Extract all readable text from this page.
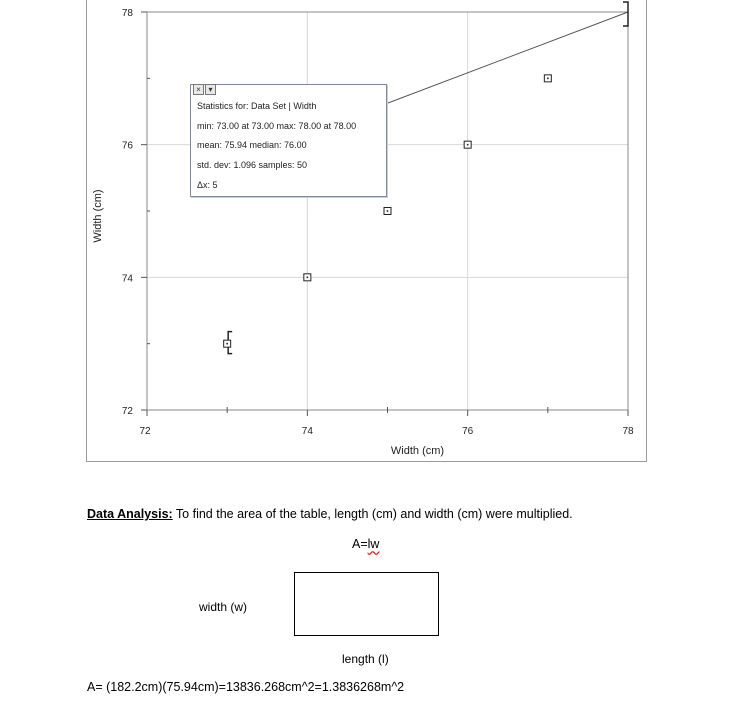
72	74	76	78
72
74
76
78
Width (cm)
Width (cm)
× ▾
Statistics for: Data Set | Width
min: 73.00 at 73.00 max: 78.00 at 78.00
mean: 75.94 median: 76.00
std. dev: 1.096 samples: 50
Δx: 5
Data Analysis: To find the area of the table, length (cm) and width (cm) were multiplied.
A=lw
width (w)
length (l)
A= (182.2cm)(75.94cm)=13836.268cm^2=1.3836268m^2
